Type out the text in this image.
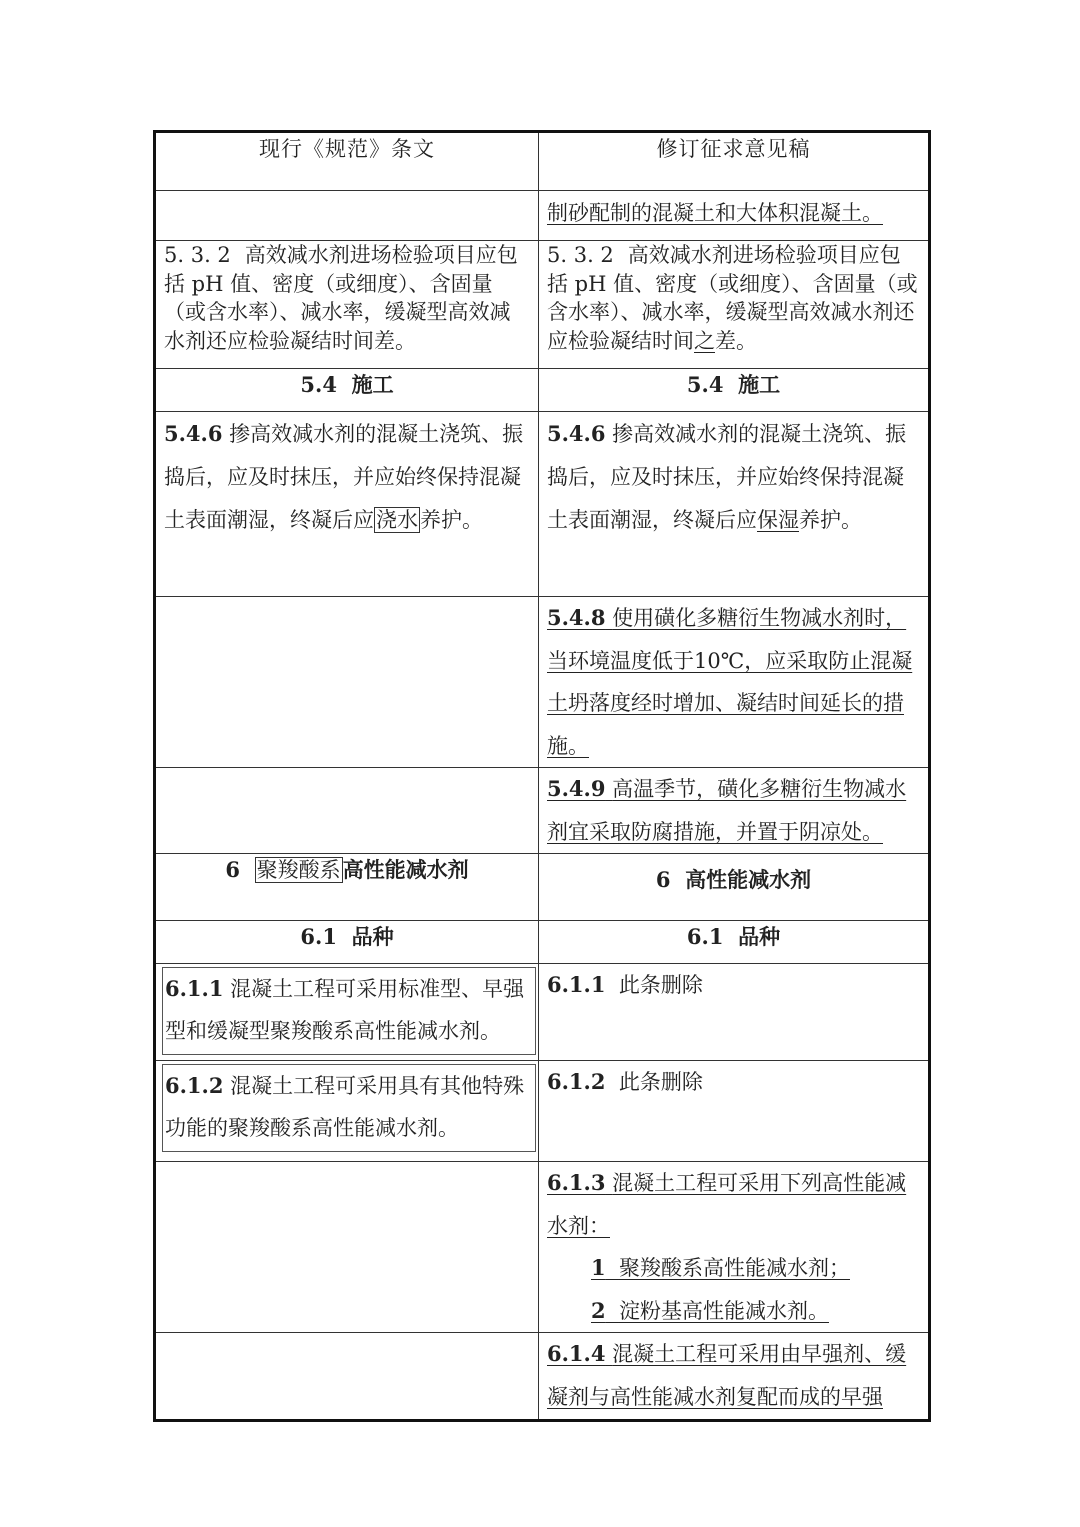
现行《规范》条文	修订征求意见稿
	制砂配制的混凝土和大体积混凝土。
5. 3. 2 高效减水剂进场检验项目应包括 pH 值、密度（或细度）、含固量（或含水率）、减水率，缓凝型高效减水剂还应检验凝结时间差。	5. 3. 2 高效减水剂进场检验项目应包括 pH 值、密度（或细度）、含固量（或含水率）、减水率，缓凝型高效减水剂还应检验凝结时间之差。
5.4 施工	5.4 施工
5.4.6 掺高效减水剂的混凝土浇筑、振捣后，应及时抹压，并应始终保持混凝土表面潮湿，终凝后应浇水养护。	5.4.6 掺高效减水剂的混凝土浇筑、振捣后，应及时抹压，并应始终保持混凝土表面潮湿，终凝后应保湿养护。
	5.4.8 使用磺化多糖衍生物减水剂时，当环境温度低于10℃，应采取防止混凝土坍落度经时增加、凝结时间延长的措施。
	5.4.9 高温季节，磺化多糖衍生物减水剂宜采取防腐措施，并置于阴凉处。
6 聚羧酸系高性能减水剂	6 高性能减水剂
6.1 品种	6.1 品种

6.1.1 混凝土工程可采用标准型、早强型和缓凝型聚羧酸系高性能减水剂。	6.1.1 此条删除

6.1.2 混凝土工程可采用具有其他特殊功能的聚羧酸系高性能减水剂。	6.1.2 此条删除

	6.1.3 混凝土工程可采用下列高性能减水剂：
1 聚羧酸系高性能减水剂；
2 淀粉基高性能减水剂。

	6.1.4 混凝土工程可采用由早强剂、缓凝剂与高性能减水剂复配而成的早强
